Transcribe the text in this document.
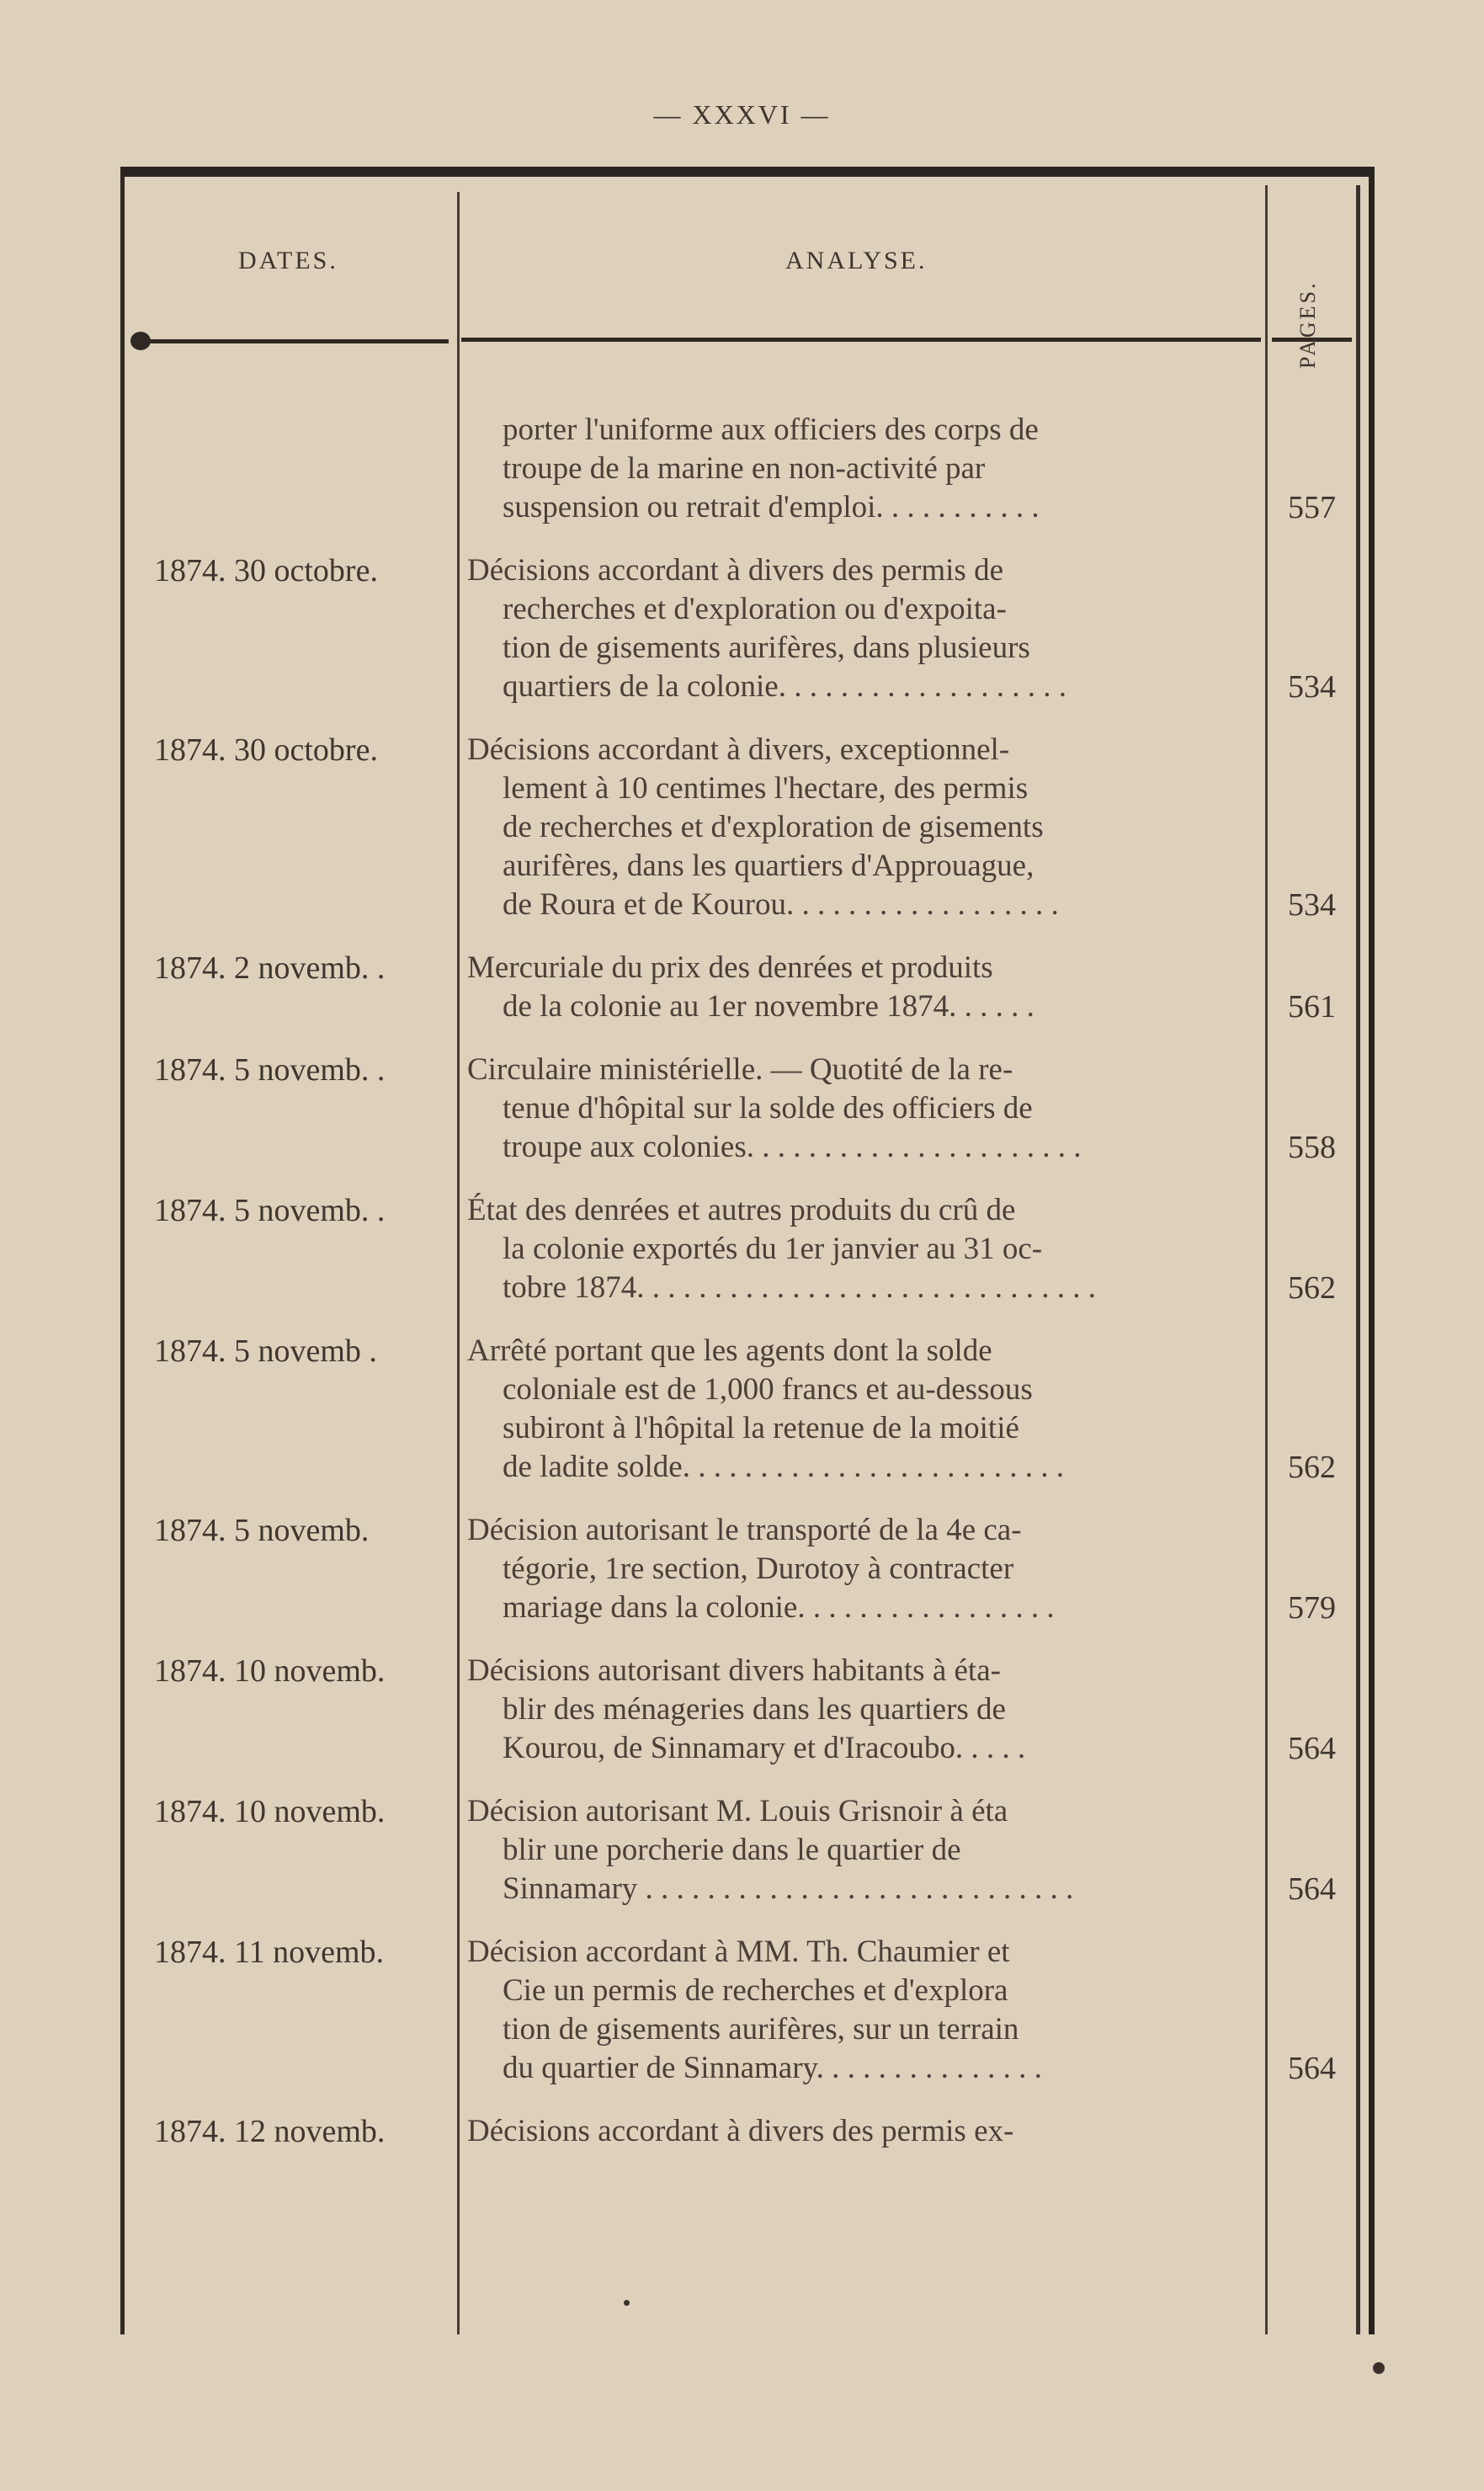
— XXXVI —
DATES.	ANALYSE.
PAGES.
porter l'uniforme aux officiers des corps de
troupe de la marine en non-activité par
suspension ou retrait d'emploi. . . . . . . . . . .	557
1874. 30 octobre.	Décisions accordant à divers des permis de
recherches et d'exploration ou d'expoita-
tion de gisements aurifères, dans plusieurs
quartiers de la colonie. . . . . . . . . . . . . . . . . . .	534
1874. 30 octobre.	Décisions accordant à divers, exceptionnel-
lement à 10 centimes l'hectare, des permis
de recherches et d'exploration de gisements
aurifères, dans les quartiers d'Approuague,
de Roura et de Kourou. . . . . . . . . . . . . . . . . .	534
1874. 2 novemb. .	Mercuriale du prix des denrées et produits
de la colonie au 1er novembre 1874. . . . . .	561
1874. 5 novemb. .	Circulaire ministérielle. — Quotité de la re-
tenue d'hôpital sur la solde des officiers de
troupe aux colonies. . . . . . . . . . . . . . . . . . . . . .	558
1874. 5 novemb. .	État des denrées et autres produits du crû de
la colonie exportés du 1er janvier au 31 oc-
tobre 1874. . . . . . . . . . . . . . . . . . . . . . . . . . . . . .	562
1874. 5 novemb .	Arrêté portant que les agents dont la solde
coloniale est de 1,000 francs et au-dessous
subiront à l'hôpital la retenue de la moitié
de ladite solde. . . . . . . . . . . . . . . . . . . . . . . . .	562
1874. 5 novemb.	Décision autorisant le transporté de la 4e ca-
tégorie, 1re section, Durotoy à contracter
mariage dans la colonie. . . . . . . . . . . . . . . . .	579
1874. 10 novemb.	Décisions autorisant divers habitants à éta-
blir des ménageries dans les quartiers de
Kourou, de Sinnamary et d'Iracoubo. . . . .	564
1874. 10 novemb.	Décision autorisant M. Louis Grisnoir à éta
blir une porcherie dans le quartier de
Sinnamary . . . . . . . . . . . . . . . . . . . . . . . . . . . .	564
1874. 11 novemb.	Décision accordant à MM. Th. Chaumier et
Cie un permis de recherches et d'explora
tion de gisements aurifères, sur un terrain
du quartier de Sinnamary. . . . . . . . . . . . . . .	564
1874. 12 novemb.	Décisions accordant à divers des permis ex-
